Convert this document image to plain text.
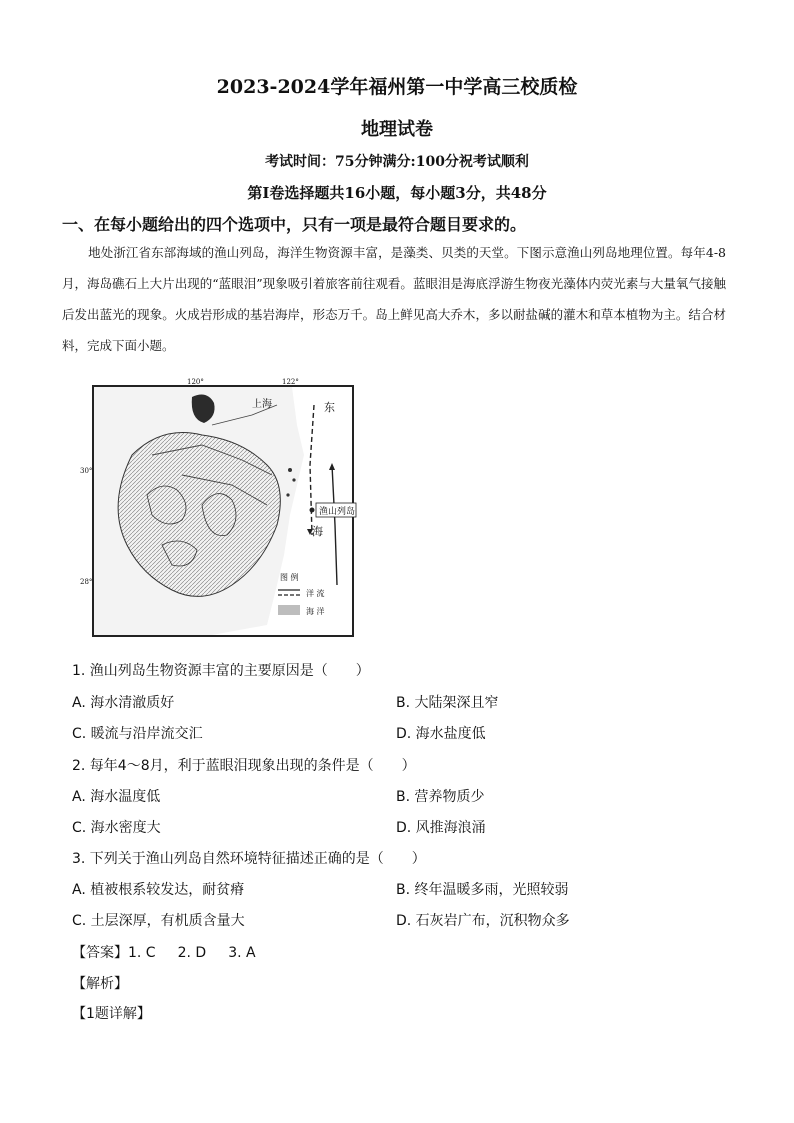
2023-2024学年福州第一中学高三校质检
地理试卷
考试时间：75分钟满分:100分祝考试顺利
第Ⅰ卷选择题共16小题，每小题3分，共48分
一、在每小题给出的四个选项中，只有一项是最符合题目要求的。
地处浙江省东部海域的渔山列岛，海洋生物资源丰富，是藻类、贝类的天堂。下图示意渔山列岛地理位置。每年4-8月，海岛礁石上大片出现的“蓝眼泪”现象吸引着旅客前往观看。蓝眼泪是海底浮游生物夜光藻体内荧光素与大量氧气接触后发出蓝光的现象。火成岩形成的基岩海岸，形态万千。岛上鲜见高大乔木，多以耐盐碱的灌木和草本植物为主。结合材料，完成下面小题。
渔山列岛
120°	122°
上海	东
海
图 例
洋 流
海 洋
30°
28°
1. 渔山列岛生物资源丰富的主要原因是（　　）
A. 海水清澈质好	B. 大陆架深且窄
C. 暖流与沿岸流交汇	D. 海水盐度低
2. 每年4～8月，利于蓝眼泪现象出现的条件是（　　）
A. 海水温度低	B. 营养物质少
C. 海水密度大	D. 风推海浪涌
3. 下列关于渔山列岛自然环境特征描述正确的是（　　）
A. 植被根系较发达，耐贫瘠	B. 终年温暖多雨，光照较弱
C. 土层深厚，有机质含量大	D. 石灰岩广布，沉积物众多
【答案】1. C 2. D 3. A
【解析】
【1题详解】
